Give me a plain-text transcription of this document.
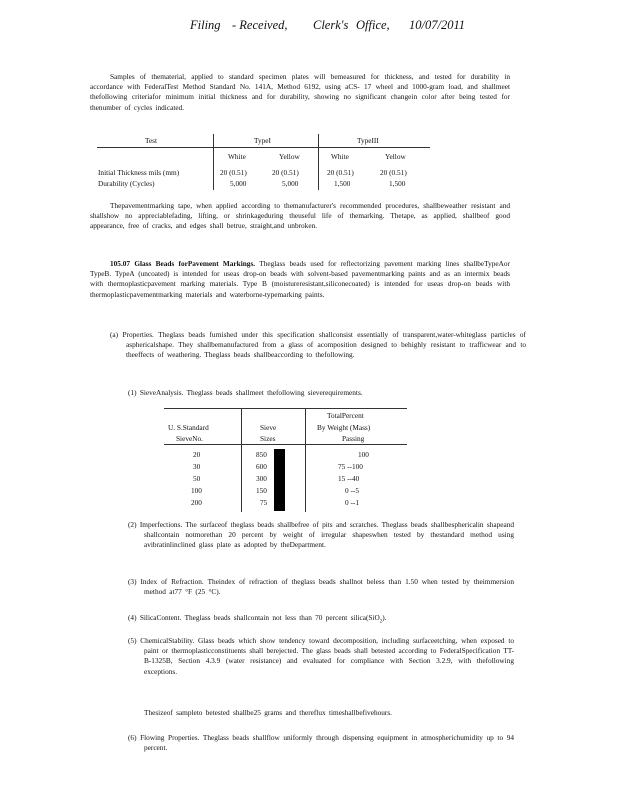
Filing - Received, Clerk's Office, 10/07/2011
Samples of thematerial, applied to standard specimen plates will bemeasured for thickness, and tested for durability in accordance with FederalTest Method Standard No. 141A, Method 6192, using aCS- 17 wheel and 1000-gram load, and shallmeet thefollowing criteriafor minimum initial thickness and for durability, showing no significant changein color after being tested for thenumber of cycles indicated.
Test	TypeI	TypeIII
White	Yellow	White	Yellow
Initial Thickness mils (mm)	20 (0.51)	20 (0.51)	20 (0.51)	20 (0.51)
Durability (Cycles)	5,000	5,000	1,500	1,500
Thepavementmarking tape, when applied according to themanufacturer's recommended procedures, shallbeweather resistant and shallshow no appreciablefading, lifting, or shrinkageduring theuseful life of themarking. Thetape, as applied, shallbeof good appearance, free of cracks, and edges shall betrue, straight,and unbroken.
105.07 Glass Beads forPavement Markings. Theglass beads used for reflectorizing pavement marking lines shallbeTypeAor TypeB. TypeA (uncoated) is intended for useas drop-on beads with solvent-based pavementmarking paints and as an intermix beads with thermoplasticpavement marking materials. Type B (moistureresistant,siliconecoated) is intended for useas drop-on beads with thermoplasticpavementmarking materials and waterborne-typemarking paints.
(a) Properties. Theglass beads furnished under this specification shallconsist essentially of transparent,water-whiteglass particles of asphericalshape. They shallbemanufactured from a glass of acomposition designed to behighly resistant to trafficwear and to theeffects of weathering. Theglass beads shallbeaccording to thefollowing.
(1) SieveAnalysis. Theglass beads shallmeet thefollowing sieverequirements.
TotalPercent
U. S.Standard	Sieve	By Weight (Mass)
SieveNo.	Sizes	Passing
20	850	100
30	600	75 --100
50	300	15 --40
100	150	0 --5
200	75	0 --1
(2) Imperfections. The surfaceof theglass beads shallbefree of pits and scratches. Theglass beads shallbesphericalin shapeand shallcontain notmorethan 20 percent by weight of irregular shapeswhen tested by thestandard method using avibratinlinclined glass plate as adopted by theDepartment.
(3) Index of Refraction. Theindex of refraction of theglass beads shallnot beless than 1.50 when tested by theimmersion method at77 °F (25 °C).
(4) SilicaContent. Theglass beads shallcontain not less than 70 percent silica(SiO$_2$).
(5) ChemicalStability. Glass beads which show tendency toward decomposition, including surfaceetching, when exposed to paint or thermoplasticconstituents shall berejected. The glass beads shall betested according to FederalSpecification TT-B-1325B, Section 4.3.9 (water resistance) and evaluated for compliance with Section 3.2.9, with thefollowing exceptions.
Thesizeof sampleto betested shallbe25 grams and thereflux timeshallbefivehours.
(6) Flowing Properties. Theglass beads shallflow uniformly through dispensing equipment in atmospherichumidity up to 94 percent.
